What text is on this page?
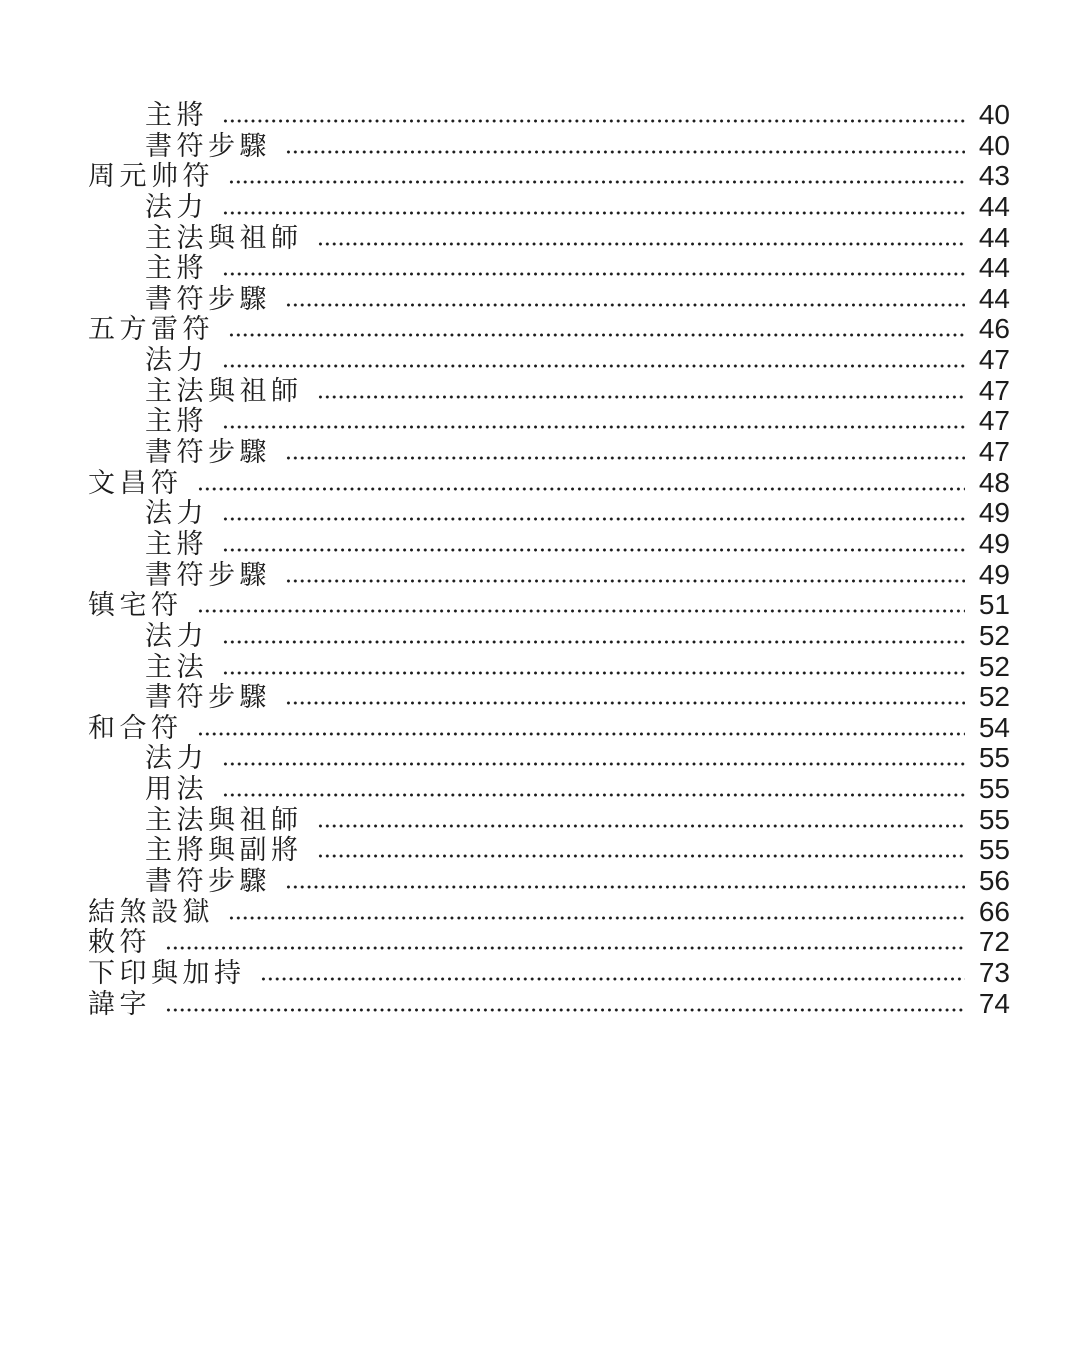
主將	40
書符步驟	40
周元帅符	43
法力	44
主法與祖師	44
主將	44
書符步驟	44
五方雷符	46
法力	47
主法與祖師	47
主將	47
書符步驟	47
文昌符	48
法力	49
主將	49
書符步驟	49
镇宅符	51
法力	52
主法	52
書符步驟	52
和合符	54
法力	55
用法	55
主法與祖師	55
主將與副將	55
書符步驟	56
結煞設獄	66
敕符	72
下印與加持	73
諱字	74
